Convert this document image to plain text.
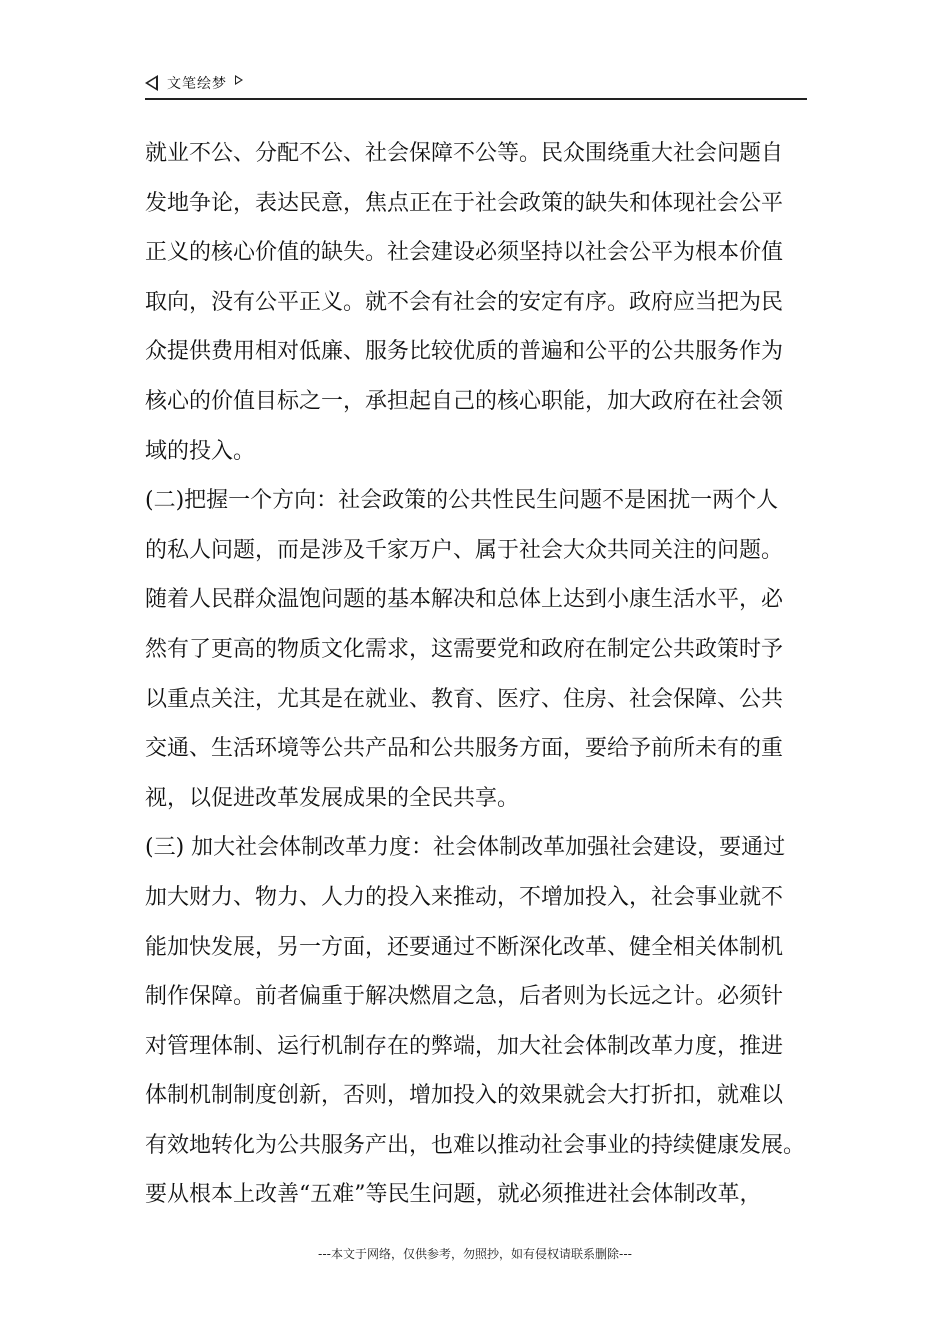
文笔绘梦
就业不公、分配不公、社会保障不公等。民众围绕重大社会问题自
发地争论，表达民意，焦点正在于社会政策的缺失和体现社会公平
正义的核心价值的缺失。社会建设必须坚持以社会公平为根本价值
取向，没有公平正义。就不会有社会的安定有序。政府应当把为民
众提供费用相对低廉、服务比较优质的普遍和公平的公共服务作为
核心的价值目标之一，承担起自己的核心职能，加大政府在社会领
域的投入。
(二)把握一个方向：社会政策的公共性民生问题不是困扰一两个人
的私人问题，而是涉及千家万户、属于社会大众共同关注的问题。
随着人民群众温饱问题的基本解决和总体上达到小康生活水平，必
然有了更高的物质文化需求，这需要党和政府在制定公共政策时予
以重点关注，尤其是在就业、教育、医疗、住房、社会保障、公共
交通、生活环境等公共产品和公共服务方面，要给予前所未有的重
视，以促进改革发展成果的全民共享。
(三) 加大社会体制改革力度：社会体制改革加强社会建设，要通过
加大财力、物力、人力的投入来推动，不增加投入，社会事业就不
能加快发展，另一方面，还要通过不断深化改革、健全相关体制机
制作保障。前者偏重于解决燃眉之急，后者则为长远之计。必须针
对管理体制、运行机制存在的弊端，加大社会体制改革力度，推进
体制机制制度创新，否则，增加投入的效果就会大打折扣，就难以
有效地转化为公共服务产出，也难以推动社会事业的持续健康发展。
要从根本上改善“五难”等民生问题，就必须推进社会体制改革，
---本文于网络，仅供参考，勿照抄，如有侵权请联系删除---
